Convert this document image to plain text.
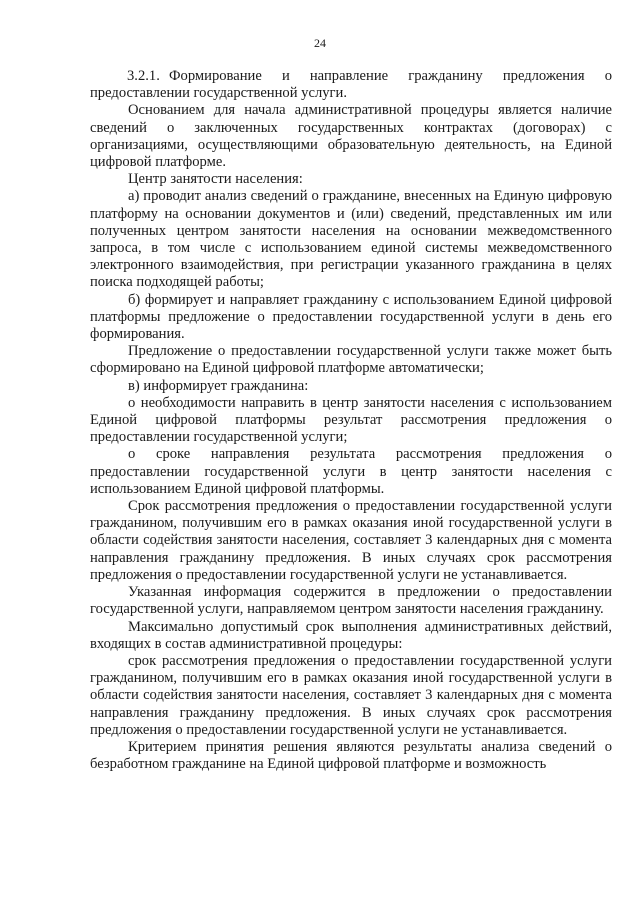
24

3.2.1. Формирование и направление гражданину предложения о предоставлении государственной услуги.

Основанием для начала административной процедуры является наличие сведений о заключенных государственных контрактах (договорах) с организациями, осуществляющими образовательную деятельность, на Единой цифровой платформе.

Центр занятости населения:

а) проводит анализ сведений о гражданине, внесенных на Единую цифровую платформу на основании документов и (или) сведений, представленных им или полученных центром занятости населения на основании межведомственного запроса, в том числе с использованием единой системы межведомственного электронного взаимодействия, при регистрации указанного гражданина в целях поиска подходящей работы;

б) формирует и направляет гражданину с использованием Единой цифровой платформы предложение о предоставлении государственной услуги в день его формирования.

Предложение о предоставлении государственной услуги также может быть сформировано на Единой цифровой платформе автоматически;

в) информирует гражданина:

о необходимости направить в центр занятости населения с использованием Единой цифровой платформы результат рассмотрения предложения о предоставлении государственной услуги;

о сроке направления результата рассмотрения предложения о предоставлении государственной услуги в центр занятости населения с использованием Единой цифровой платформы.

Срок рассмотрения предложения о предоставлении государственной услуги гражданином, получившим его в рамках оказания иной государственной услуги в области содействия занятости населения, составляет 3 календарных дня с момента направления гражданину предложения. В иных случаях срок рассмотрения предложения о предоставлении государственной услуги не устанавливается.

Указанная информация содержится в предложении о предоставлении государственной услуги, направляемом центром занятости населения гражданину.

Максимально допустимый срок выполнения административных действий, входящих в состав административной процедуры:

срок рассмотрения предложения о предоставлении государственной услуги гражданином, получившим его в рамках оказания иной государственной услуги в области содействия занятости населения, составляет 3 календарных дня с момента направления гражданину предложения. В иных случаях срок рассмотрения предложения о предоставлении государственной услуги не устанавливается.

Критерием принятия решения являются результаты анализа сведений о безработном гражданине на Единой цифровой платформе и возможность
